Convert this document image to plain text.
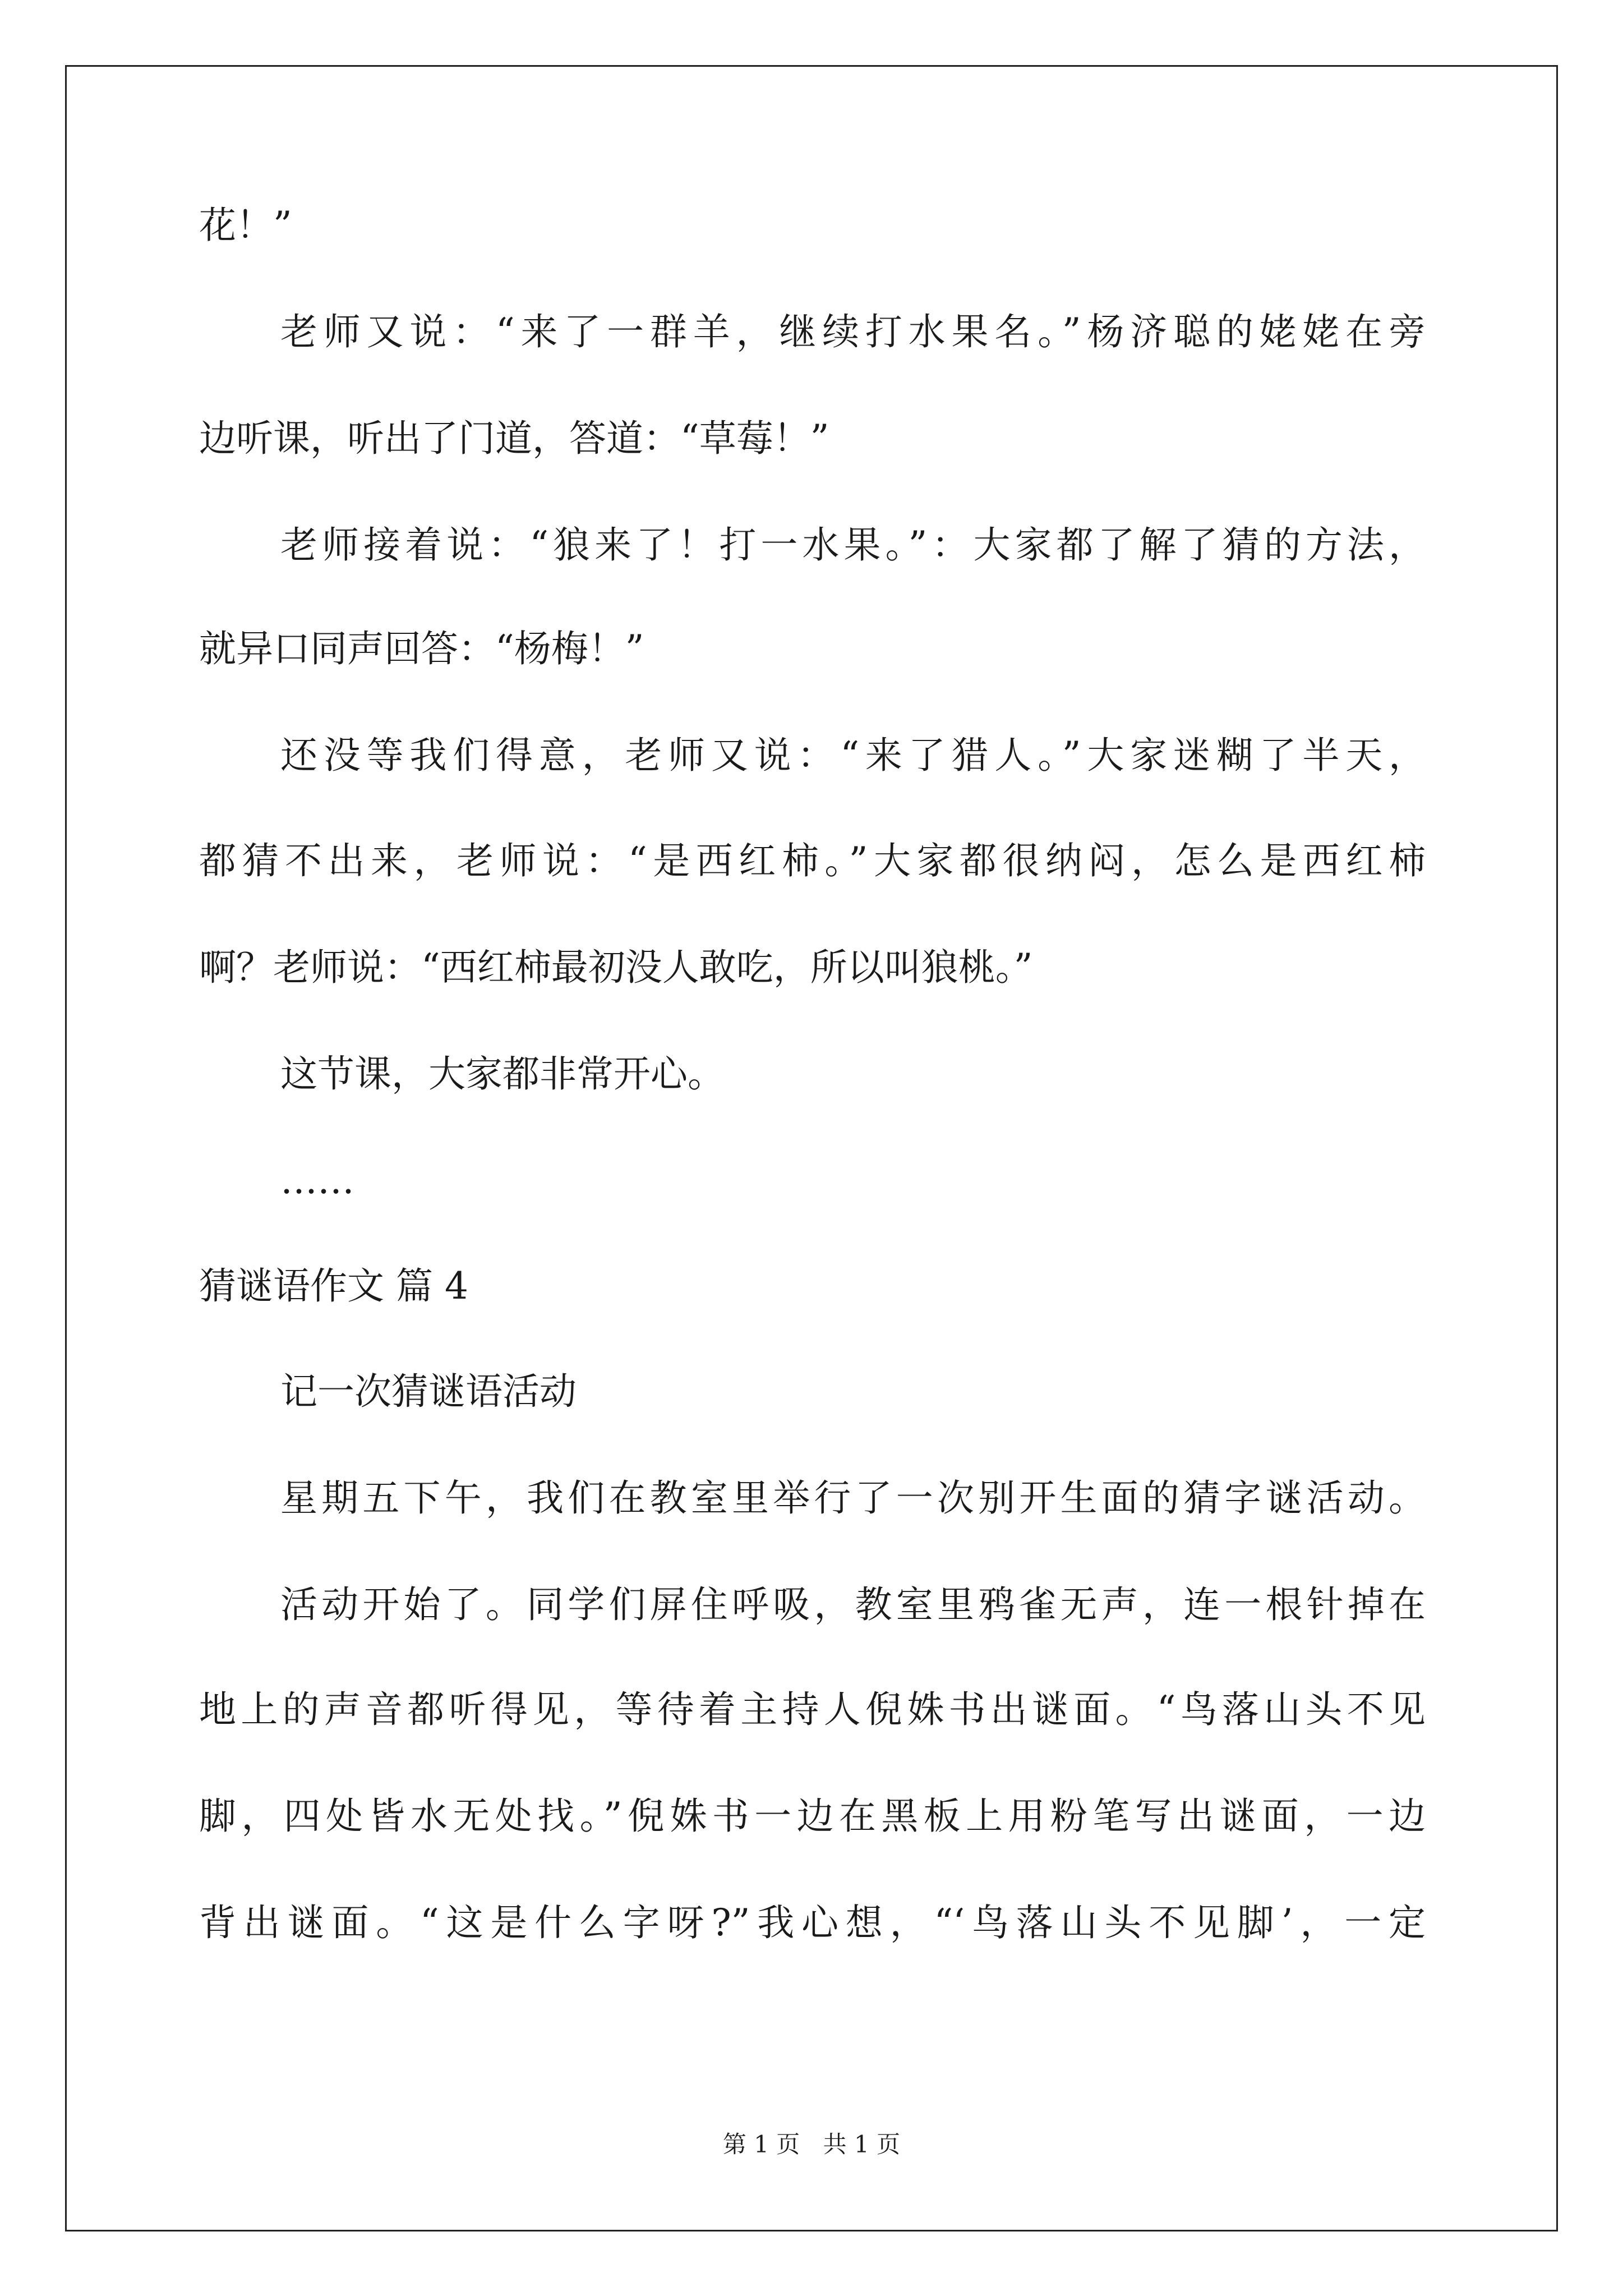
花！”
老师又说：“来了一群羊，继续打水果名。”杨济聪的姥姥在旁
边听课，听出了门道，答道：“草莓！”
老师接着说：“狼来了！打一水果。”：大家都了解了猜的方法，
就异口同声回答：“杨梅！”
还没等我们得意，老师又说：“来了猎人。”大家迷糊了半天，
都猜不出来，老师说：“是西红柿。”大家都很纳闷，怎么是西红柿
啊？老师说：“西红柿最初没人敢吃，所以叫狼桃。”
这节课，大家都非常开心。
……
猜谜语作文 篇 4
记一次猜谜语活动
星期五下午，我们在教室里举行了一次别开生面的猜字谜活动。
活动开始了。同学们屏住呼吸，教室里鸦雀无声，连一根针掉在
地上的声音都听得见，等待着主持人倪姝书出谜面。“鸟落山头不见
脚，四处皆水无处找。”倪姝书一边在黑板上用粉笔写出谜面，一边
背出谜面。“这是什么字呀?”我心想，“‘鸟落山头不见脚’，一定
第 1 页 共 1 页
